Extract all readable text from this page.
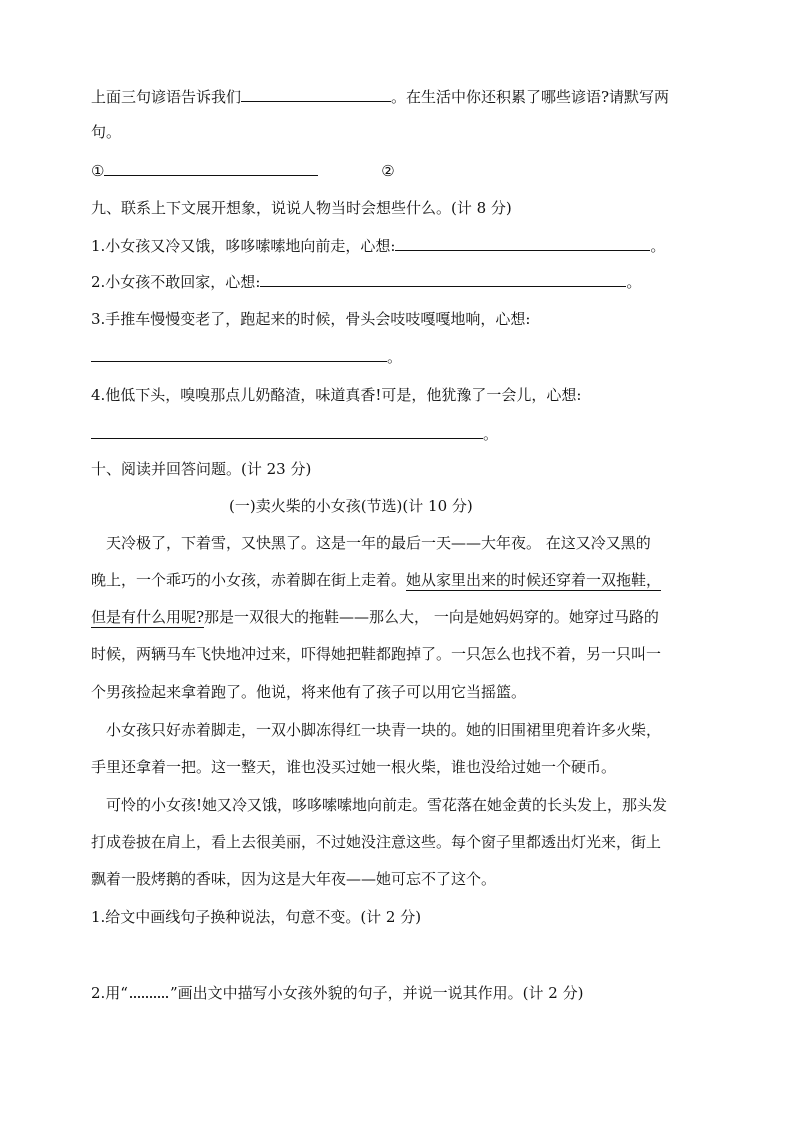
上面三句谚语告诉我们	。在生活中你还积累了哪些谚语?请默写两
句。
①	②
九、联系上下文展开想象，说说人物当时会想些什么。(计 8 分)
1.小女孩又冷又饿，哆哆嗦嗦地向前走，心想:	。
2.小女孩不敢回家，心想:	。
3.手推车慢慢变老了，跑起来的时候，骨头会吱吱嘎嘎地响，心想:
。
4.他低下头，嗅嗅那点儿奶酪渣，味道真香!可是，他犹豫了一会儿，心想:
。
十、阅读并回答问题。(计 23 分)
(一)卖火柴的小女孩(节选)(计 10 分)
天冷极了，下着雪，又快黑了。这是一年的最后一天——大年夜。 在这又冷又黑的
晚上，一个乖巧的小女孩，赤着脚在街上走着。她从家里出来的时候还穿着一双拖鞋，
但是有什么用呢?那是一双很大的拖鞋——那么大， 一向是她妈妈穿的。她穿过马路的
时候，两辆马车飞快地冲过来，吓得她把鞋都跑掉了。一只怎么也找不着，另一只叫一
个男孩捡起来拿着跑了。他说，将来他有了孩子可以用它当摇篮。
小女孩只好赤着脚走，一双小脚冻得红一块青一块的。她的旧围裙里兜着许多火柴，
手里还拿着一把。这一整天，谁也没买过她一根火柴，谁也没给过她一个硬币。
可怜的小女孩!她又冷又饿，哆哆嗦嗦地向前走。雪花落在她金黄的长头发上，那头发
打成卷披在肩上，看上去很美丽，不过她没注意这些。每个窗子里都透出灯光来，街上
飘着一股烤鹅的香味，因为这是大年夜——她可忘不了这个。
1.给文中画线句子换种说法，句意不变。(计 2 分)
2.用“	”画出文中描写小女孩外貌的句子，并说一说其作用。(计 2 分)
